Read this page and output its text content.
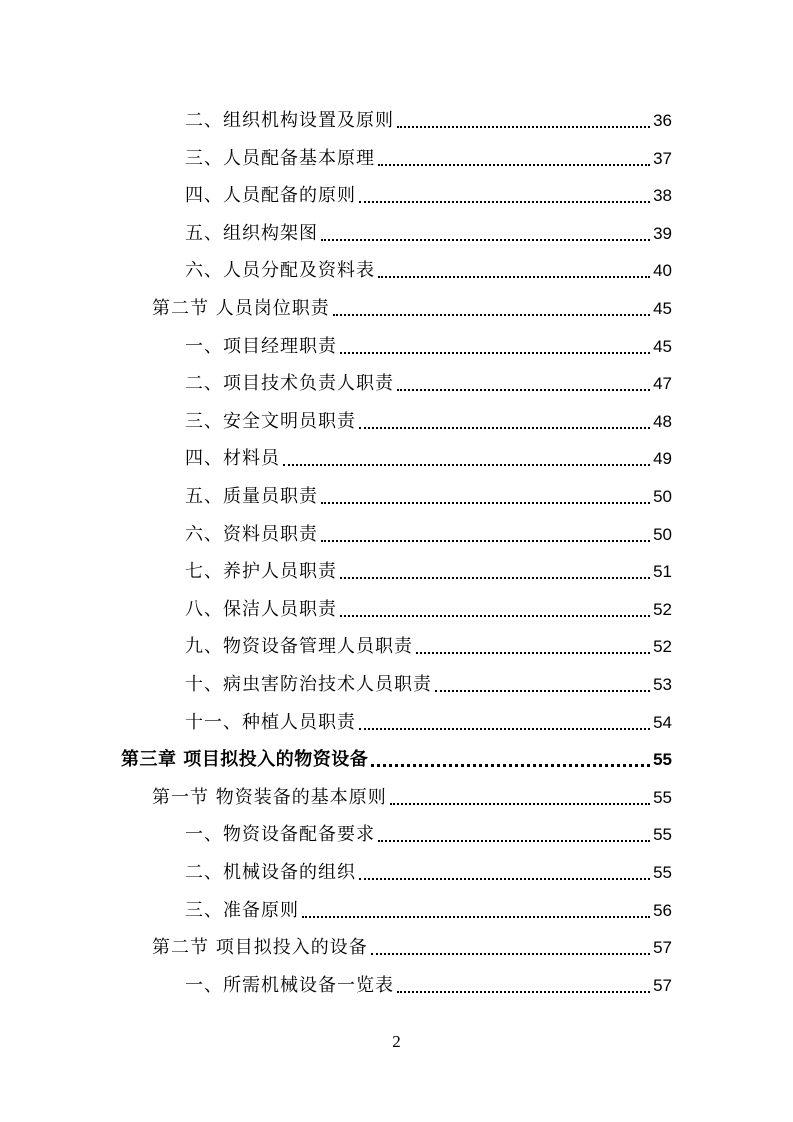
二、组织机构设置及原则	36
三、人员配备基本原理	37
四、人员配备的原则	38
五、组织构架图	39
六、人员分配及资料表	40
第二节 人员岗位职责	45
一、项目经理职责	45
二、项目技术负责人职责	47
三、安全文明员职责	48
四、材料员	49
五、质量员职责	50
六、资料员职责	50
七、养护人员职责	51
八、保洁人员职责	52
九、物资设备管理人员职责	52
十、病虫害防治技术人员职责	53
十一、种植人员职责	54
第三章 项目拟投入的物资设备	55
第一节 物资装备的基本原则	55
一、物资设备配备要求	55
二、机械设备的组织	55
三、准备原则	56
第二节 项目拟投入的设备	57
一、所需机械设备一览表	57
2
